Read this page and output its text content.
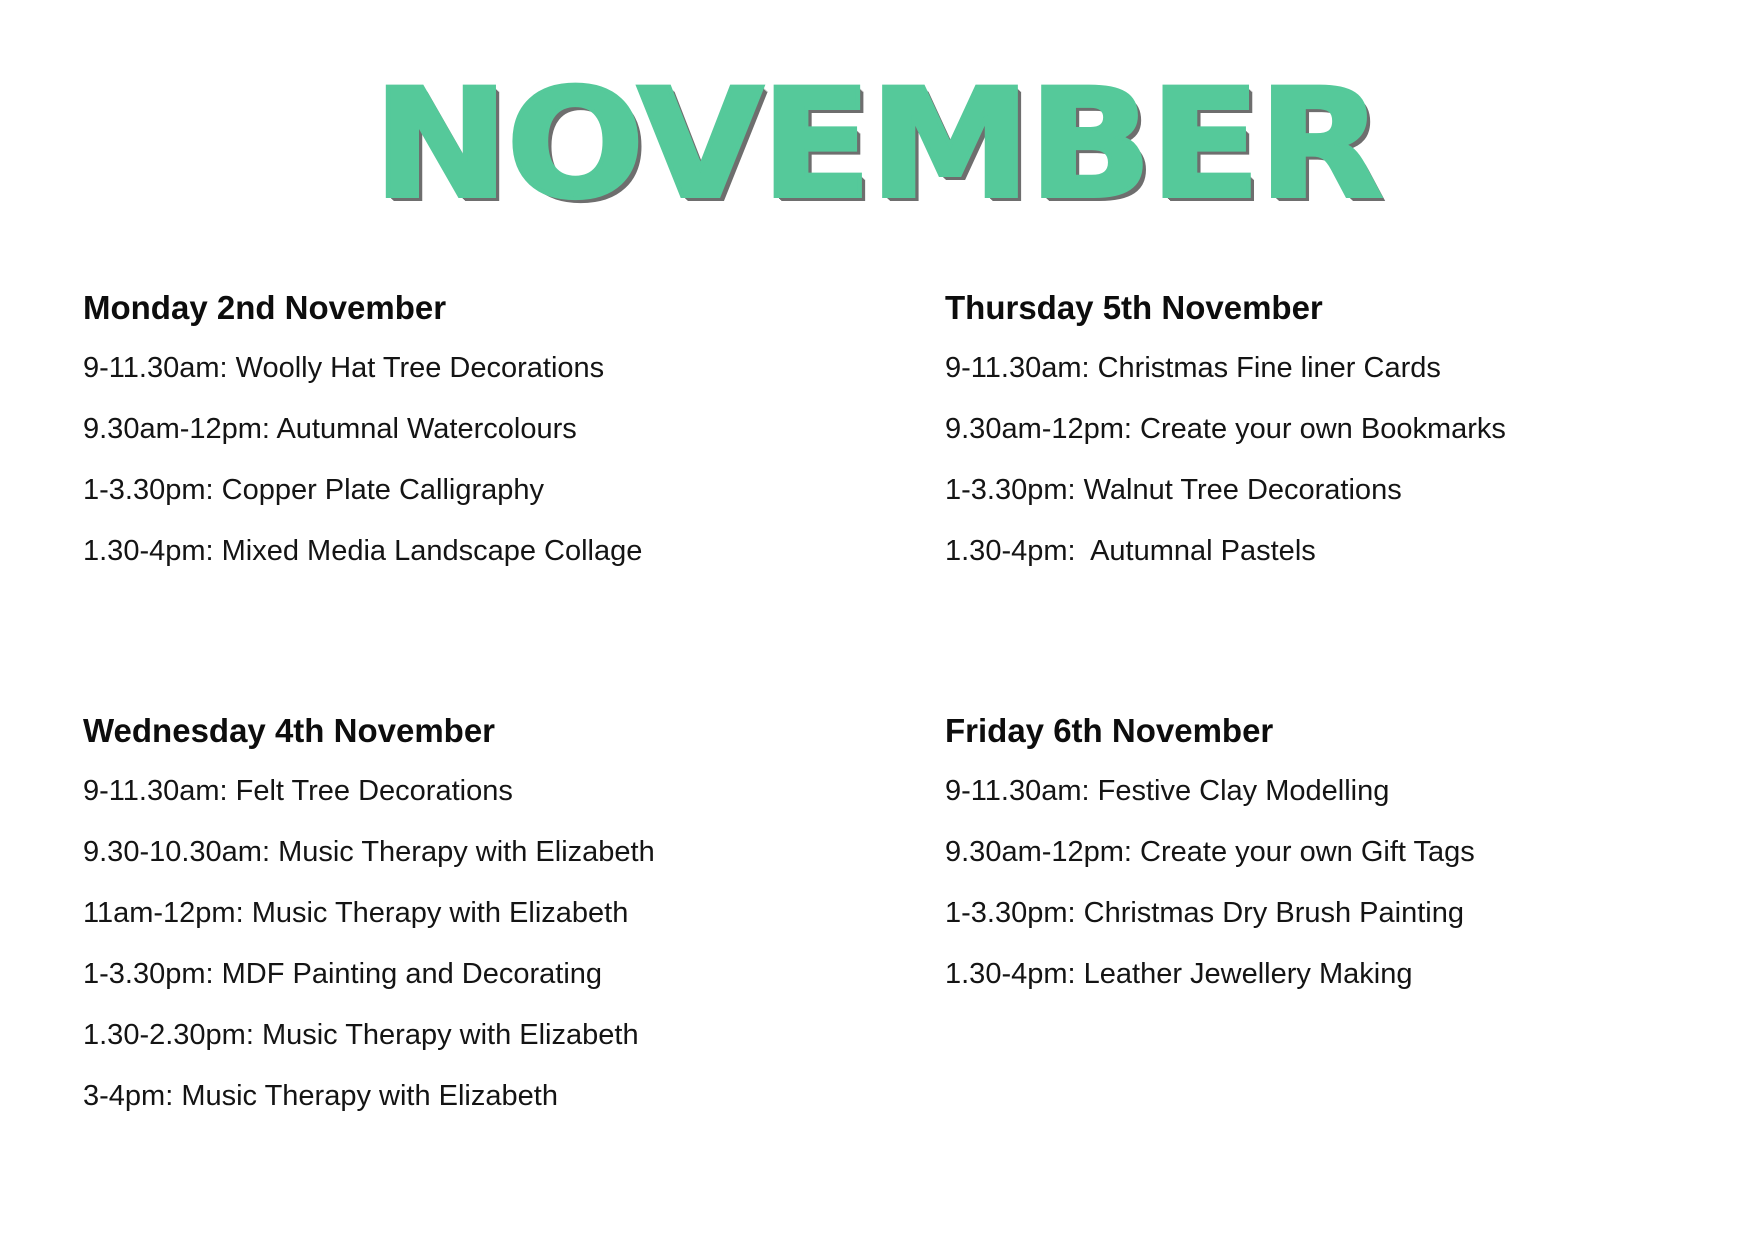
NOVEMBER
Monday 2nd November
9-11.30am: Woolly Hat Tree Decorations
9.30am-12pm: Autumnal Watercolours
1-3.30pm: Copper Plate Calligraphy
1.30-4pm: Mixed Media Landscape Collage
Thursday 5th November
9-11.30am: Christmas Fine liner Cards
9.30am-12pm: Create your own Bookmarks
1-3.30pm: Walnut Tree Decorations
1.30-4pm:  Autumnal Pastels
Wednesday 4th November
9-11.30am: Felt Tree Decorations
9.30-10.30am: Music Therapy with Elizabeth
11am-12pm: Music Therapy with Elizabeth
1-3.30pm: MDF Painting and Decorating
1.30-2.30pm: Music Therapy with Elizabeth
3-4pm: Music Therapy with Elizabeth
Friday 6th November
9-11.30am: Festive Clay Modelling
9.30am-12pm: Create your own Gift Tags
1-3.30pm: Christmas Dry Brush Painting
1.30-4pm: Leather Jewellery Making
